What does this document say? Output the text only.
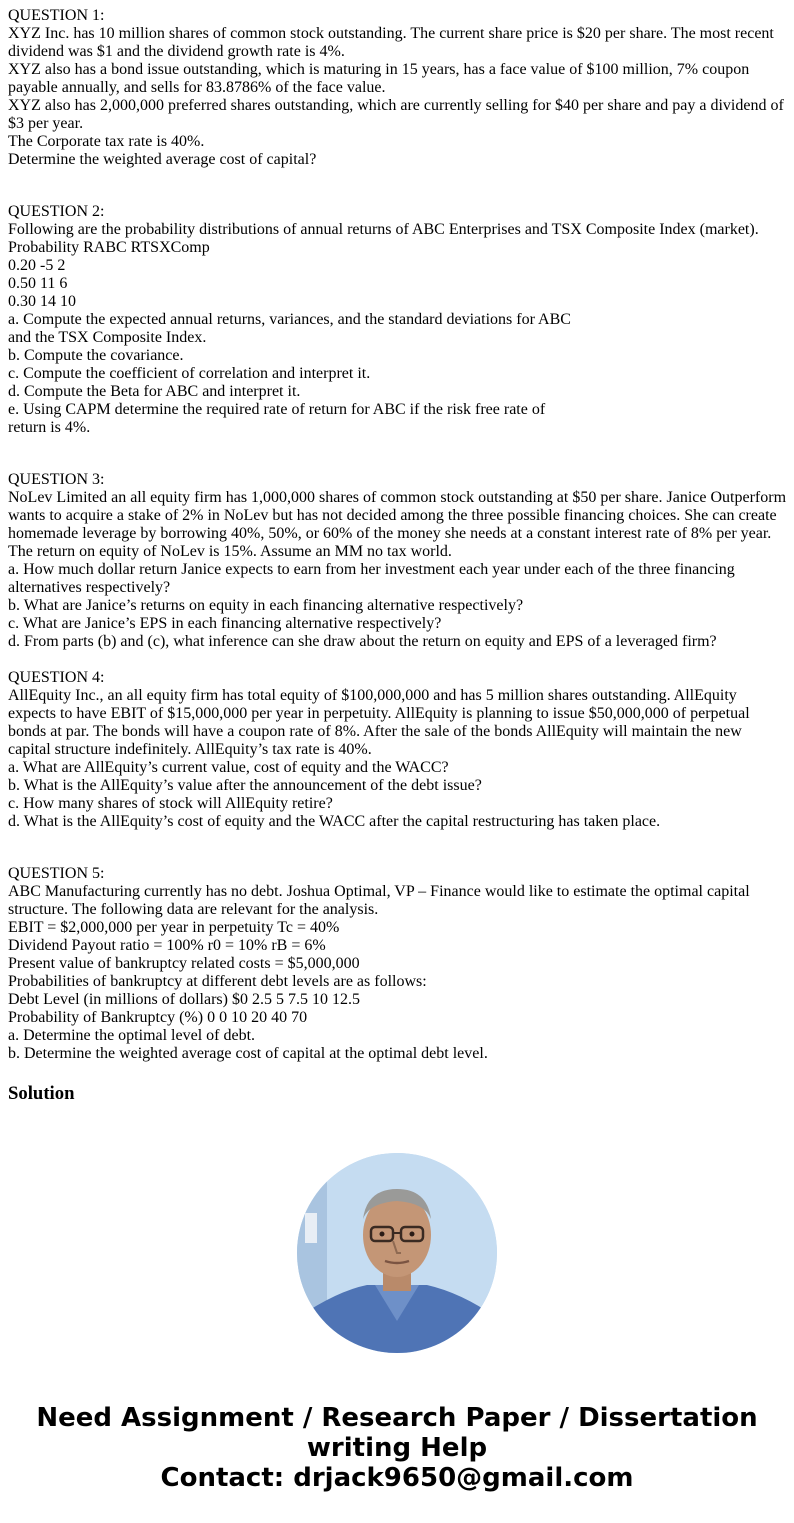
QUESTION 1:

XYZ Inc. has 10 million shares of common stock outstanding. The current share price is $20 per share. The most recent dividend was $1 and the dividend growth rate is 4%.

XYZ also has a bond issue outstanding, which is maturing in 15 years, has a face value of $100 million, 7% coupon payable annually, and sells for 83.8786% of the face value.

XYZ also has 2,000,000 preferred shares outstanding, which are currently selling for $40 per share and pay a dividend of $3 per year.

The Corporate tax rate is 40%.

Determine the weighted average cost of capital?

QUESTION 2:

Following are the probability distributions of annual returns of ABC Enterprises and TSX Composite Index (market).

Probability RABC RTSXComp

0.20 -5 2

0.50 11 6

0.30 14 10

a. Compute the expected annual returns, variances, and the standard deviations for ABC

and the TSX Composite Index.

b. Compute the covariance.

c. Compute the coefficient of correlation and interpret it.

d. Compute the Beta for ABC and interpret it.

e. Using CAPM determine the required rate of return for ABC if the risk free rate of

return is 4%.

QUESTION 3:

NoLev Limited an all equity firm has 1,000,000 shares of common stock outstanding at $50 per share. Janice Outperform wants to acquire a stake of 2% in NoLev but has not decided among the three possible financing choices. She can create homemade leverage by borrowing 40%, 50%, or 60% of the money she needs at a constant interest rate of 8% per year. The return on equity of NoLev is 15%. Assume an MM no tax world.

a. How much dollar return Janice expects to earn from her investment each year under each of the three financing alternatives respectively?

b. What are Janice’s returns on equity in each financing alternative respectively?

c. What are Janice’s EPS in each financing alternative respectively?

d. From parts (b) and (c), what inference can she draw about the return on equity and EPS of a leveraged firm?

QUESTION 4:

AllEquity Inc., an all equity firm has total equity of $100,000,000 and has 5 million shares outstanding. AllEquity expects to have EBIT of $15,000,000 per year in perpetuity. AllEquity is planning to issue $50,000,000 of perpetual bonds at par. The bonds will have a coupon rate of 8%. After the sale of the bonds AllEquity will maintain the new capital structure indefinitely. AllEquity’s tax rate is 40%.

a. What are AllEquity’s current value, cost of equity and the WACC?

b. What is the AllEquity’s value after the announcement of the debt issue?

c. How many shares of stock will AllEquity retire?

d. What is the AllEquity’s cost of equity and the WACC after the capital restructuring has taken place.

QUESTION 5:

ABC Manufacturing currently has no debt. Joshua Optimal, VP – Finance would like to estimate the optimal capital structure. The following data are relevant for the analysis.

EBIT = $2,000,000 per year in perpetuity Tc = 40%

Dividend Payout ratio = 100% r0 = 10% rB = 6%

Present value of bankruptcy related costs = $5,000,000

Probabilities of bankruptcy at different debt levels are as follows:

Debt Level (in millions of dollars) $0 2.5 5 7.5 10 12.5

Probability of Bankruptcy (%) 0 0 10 20 40 70

a. Determine the optimal level of debt.

b. Determine the weighted average cost of capital at the optimal debt level.

Solution
Need Assignment / Research Paper / Dissertation
writing Help
Contact: drjack9650@gmail.com
